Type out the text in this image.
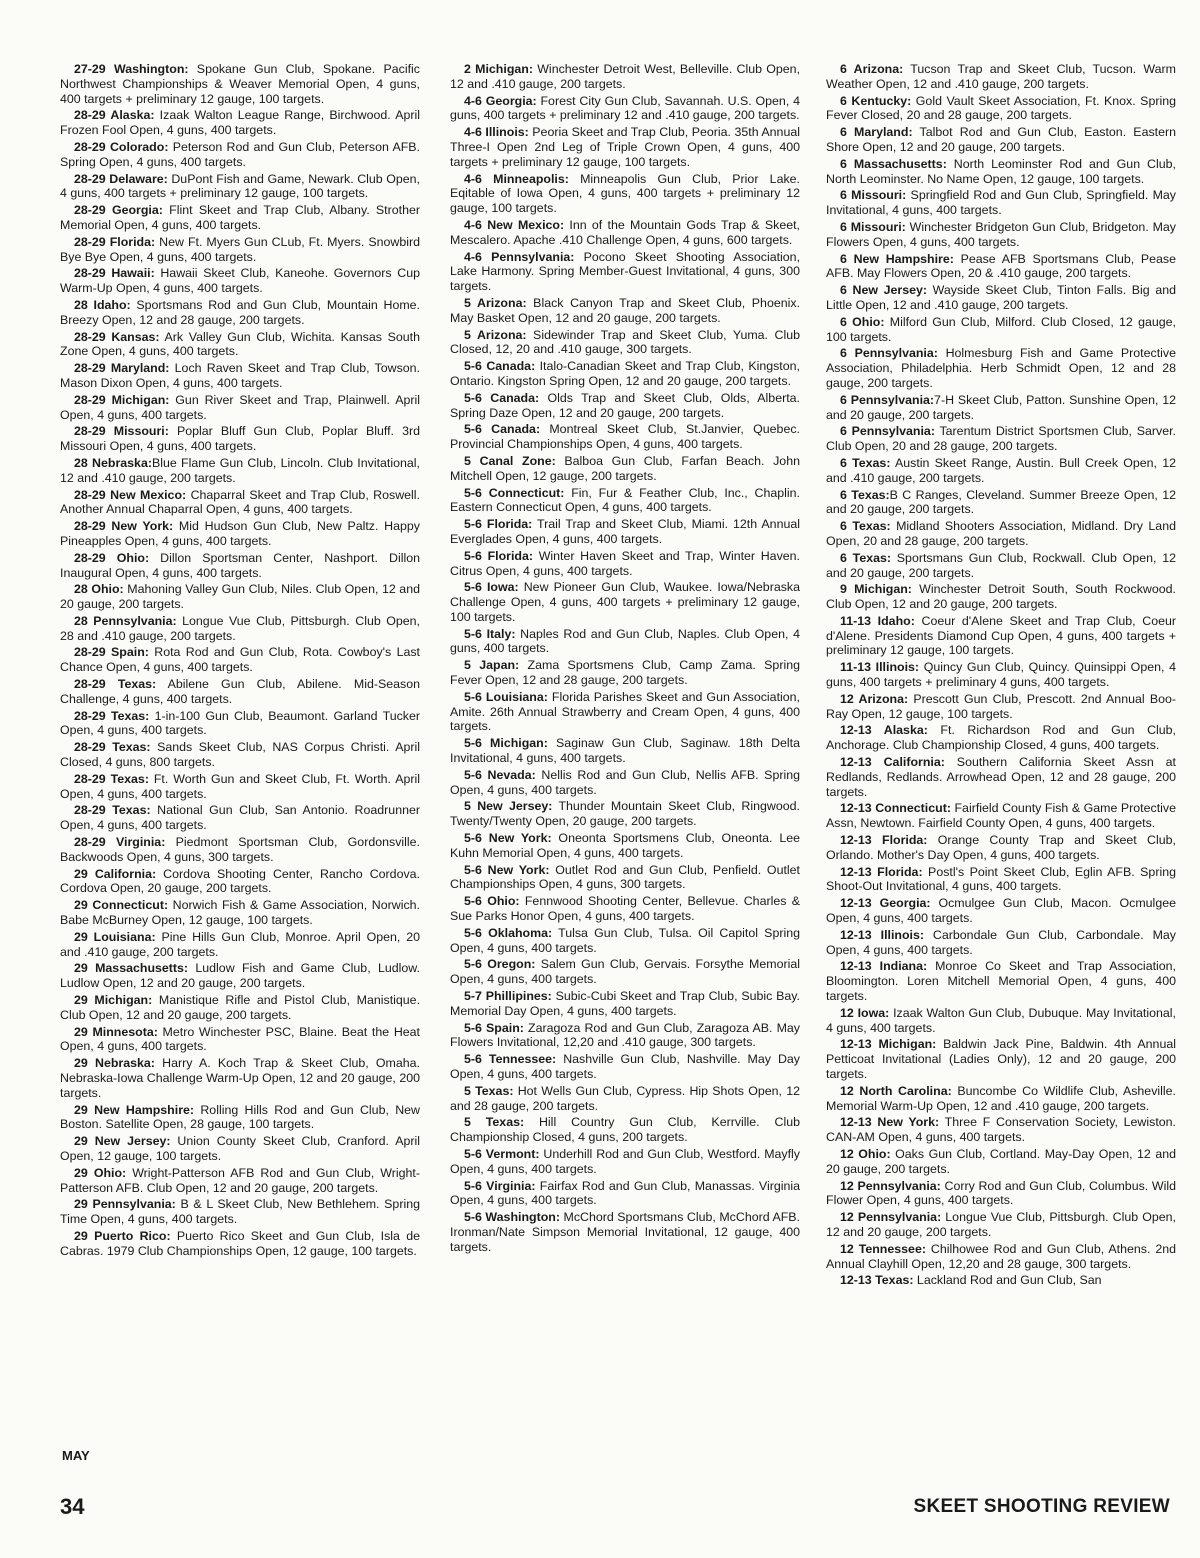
27-29 Washington: Spokane Gun Club, Spokane. Pacific Northwest Championships & Weaver Memorial Open, 4 guns, 400 targets + preliminary 12 gauge, 100 targets.

28-29 Alaska: Izaak Walton League Range, Birchwood. April Frozen Fool Open, 4 guns, 400 targets.

28-29 Colorado: Peterson Rod and Gun Club, Peterson AFB. Spring Open, 4 guns, 400 targets.

28-29 Delaware: DuPont Fish and Game, Newark. Club Open, 4 guns, 400 targets + preliminary 12 gauge, 100 targets.

28-29 Georgia: Flint Skeet and Trap Club, Albany. Strother Memorial Open, 4 guns, 400 targets.

28-29 Florida: New Ft. Myers Gun CLub, Ft. Myers. Snowbird Bye Bye Open, 4 guns, 400 targets.

28-29 Hawaii: Hawaii Skeet Club, Kaneohe. Governors Cup Warm-Up Open, 4 guns, 400 targets.

28 Idaho: Sportsmans Rod and Gun Club, Mountain Home. Breezy Open, 12 and 28 gauge, 200 targets.

28-29 Kansas: Ark Valley Gun Club, Wichita. Kansas South Zone Open, 4 guns, 400 targets.

28-29 Maryland: Loch Raven Skeet and Trap Club, Towson. Mason Dixon Open, 4 guns, 400 targets.

28-29 Michigan: Gun River Skeet and Trap, Plainwell. April Open, 4 guns, 400 targets.

28-29 Missouri: Poplar Bluff Gun Club, Poplar Bluff. 3rd Missouri Open, 4 guns, 400 targets.

28 Nebraska:Blue Flame Gun Club, Lincoln. Club Invitational, 12 and .410 gauge, 200 targets.

28-29 New Mexico: Chaparral Skeet and Trap Club, Roswell. Another Annual Chaparral Open, 4 guns, 400 targets.

28-29 New York: Mid Hudson Gun Club, New Paltz. Happy Pineapples Open, 4 guns, 400 targets.

28-29 Ohio: Dillon Sportsman Center, Nashport. Dillon Inaugural Open, 4 guns, 400 targets.

28 Ohio: Mahoning Valley Gun Club, Niles. Club Open, 12 and 20 gauge, 200 targets.

28 Pennsylvania: Longue Vue Club, Pittsburgh. Club Open, 28 and .410 gauge, 200 targets.

28-29 Spain: Rota Rod and Gun Club, Rota. Cowboy's Last Chance Open, 4 guns, 400 targets.

28-29 Texas: Abilene Gun Club, Abilene. Mid-Season Challenge, 4 guns, 400 targets.

28-29 Texas: 1-in-100 Gun Club, Beaumont. Garland Tucker Open, 4 guns, 400 targets.

28-29 Texas: Sands Skeet Club, NAS Corpus Christi. April Closed, 4 guns, 800 targets.

28-29 Texas: Ft. Worth Gun and Skeet Club, Ft. Worth. April Open, 4 guns, 400 targets.

28-29 Texas: National Gun Club, San Antonio. Roadrunner Open, 4 guns, 400 targets.

28-29 Virginia: Piedmont Sportsman Club, Gordonsville. Backwoods Open, 4 guns, 300 targets.

29 California: Cordova Shooting Center, Rancho Cordova. Cordova Open, 20 gauge, 200 targets.

29 Connecticut: Norwich Fish & Game Association, Norwich. Babe McBurney Open, 12 gauge, 100 targets.

29 Louisiana: Pine Hills Gun Club, Monroe. April Open, 20 and .410 gauge, 200 targets.

29 Massachusetts: Ludlow Fish and Game Club, Ludlow. Ludlow Open, 12 and 20 gauge, 200 targets.

29 Michigan: Manistique Rifle and Pistol Club, Manistique. Club Open, 12 and 20 gauge, 200 targets.

29 Minnesota: Metro Winchester PSC, Blaine. Beat the Heat Open, 4 guns, 400 targets.

29 Nebraska: Harry A. Koch Trap & Skeet Club, Omaha. Nebraska-Iowa Challenge Warm-Up Open, 12 and 20 gauge, 200 targets.

29 New Hampshire: Rolling Hills Rod and Gun Club, New Boston. Satellite Open, 28 gauge, 100 targets.

29 New Jersey: Union County Skeet Club, Cranford. April Open, 12 gauge, 100 targets.

29 Ohio: Wright-Patterson AFB Rod and Gun Club, Wright-Patterson AFB. Club Open, 12 and 20 gauge, 200 targets.

29 Pennsylvania: B & L Skeet Club, New Bethlehem. Spring Time Open, 4 guns, 400 targets.

29 Puerto Rico: Puerto Rico Skeet and Gun Club, Isla de Cabras. 1979 Club Championships Open, 12 gauge, 100 targets.

2 Michigan: Winchester Detroit West, Belleville. Club Open, 12 and .410 gauge, 200 targets.

4-6 Georgia: Forest City Gun Club, Savannah. U.S. Open, 4 guns, 400 targets + preliminary 12 and .410 gauge, 200 targets.

4-6 Illinois: Peoria Skeet and Trap Club, Peoria. 35th Annual Three-I Open 2nd Leg of Triple Crown Open, 4 guns, 400 targets + preliminary 12 gauge, 100 targets.

4-6 Minneapolis: Minneapolis Gun Club, Prior Lake. Eqitable of Iowa Open, 4 guns, 400 targets + preliminary 12 gauge, 100 targets.

4-6 New Mexico: Inn of the Mountain Gods Trap & Skeet, Mescalero. Apache .410 Challenge Open, 4 guns, 600 targets.

4-6 Pennsylvania: Pocono Skeet Shooting Association, Lake Harmony. Spring Member-Guest Invitational, 4 guns, 300 targets.

5 Arizona: Black Canyon Trap and Skeet Club, Phoenix. May Basket Open, 12 and 20 gauge, 200 targets.

5 Arizona: Sidewinder Trap and Skeet Club, Yuma. Club Closed, 12, 20 and .410 gauge, 300 targets.

5-6 Canada: Italo-Canadian Skeet and Trap Club, Kingston, Ontario. Kingston Spring Open, 12 and 20 gauge, 200 targets.

5-6 Canada: Olds Trap and Skeet Club, Olds, Alberta. Spring Daze Open, 12 and 20 gauge, 200 targets.

5-6 Canada: Montreal Skeet Club, St.Janvier, Quebec. Provincial Championships Open, 4 guns, 400 targets.

5 Canal Zone: Balboa Gun Club, Farfan Beach. John Mitchell Open, 12 gauge, 200 targets.

5-6 Connecticut: Fin, Fur & Feather Club, Inc., Chaplin. Eastern Connecticut Open, 4 guns, 400 targets.

5-6 Florida: Trail Trap and Skeet Club, Miami. 12th Annual Everglades Open, 4 guns, 400 targets.

5-6 Florida: Winter Haven Skeet and Trap, Winter Haven. Citrus Open, 4 guns, 400 targets.

5-6 Iowa: New Pioneer Gun Club, Waukee. Iowa/Nebraska Challenge Open, 4 guns, 400 targets + preliminary 12 gauge, 100 targets.

5-6 Italy: Naples Rod and Gun Club, Naples. Club Open, 4 guns, 400 targets.

5 Japan: Zama Sportsmens Club, Camp Zama. Spring Fever Open, 12 and 28 gauge, 200 targets.

5-6 Louisiana: Florida Parishes Skeet and Gun Association, Amite. 26th Annual Strawberry and Cream Open, 4 guns, 400 targets.

5-6 Michigan: Saginaw Gun Club, Saginaw. 18th Delta Invitational, 4 guns, 400 targets.

5-6 Nevada: Nellis Rod and Gun Club, Nellis AFB. Spring Open, 4 guns, 400 targets.

5 New Jersey: Thunder Mountain Skeet Club, Ringwood. Twenty/Twenty Open, 20 gauge, 200 targets.

5-6 New York: Oneonta Sportsmens Club, Oneonta. Lee Kuhn Memorial Open, 4 guns, 400 targets.

5-6 New York: Outlet Rod and Gun Club, Penfield. Outlet Championships Open, 4 guns, 300 targets.

5-6 Ohio: Fennwood Shooting Center, Bellevue. Charles & Sue Parks Honor Open, 4 guns, 400 targets.

5-6 Oklahoma: Tulsa Gun Club, Tulsa. Oil Capitol Spring Open, 4 guns, 400 targets.

5-6 Oregon: Salem Gun Club, Gervais. Forsythe Memorial Open, 4 guns, 400 targets.

5-7 Phillipines: Subic-Cubi Skeet and Trap Club, Subic Bay. Memorial Day Open, 4 guns, 400 targets.

5-6 Spain: Zaragoza Rod and Gun Club, Zaragoza AB. May Flowers Invitational, 12,20 and .410 gauge, 300 targets.

5-6 Tennessee: Nashville Gun Club, Nashville. May Day Open, 4 guns, 400 targets.

5 Texas: Hot Wells Gun Club, Cypress. Hip Shots Open, 12 and 28 gauge, 200 targets.

5 Texas: Hill Country Gun Club, Kerrville. Club Championship Closed, 4 guns, 200 targets.

5-6 Vermont: Underhill Rod and Gun Club, Westford. Mayfly Open, 4 guns, 400 targets.

5-6 Virginia: Fairfax Rod and Gun Club, Manassas. Virginia Open, 4 guns, 400 targets.

5-6 Washington: McChord Sportsmans Club, McChord AFB. Ironman/Nate Simpson Memorial Invitational, 12 gauge, 400 targets.

6 Arizona: Tucson Trap and Skeet Club, Tucson. Warm Weather Open, 12 and .410 gauge, 200 targets.

6 Kentucky: Gold Vault Skeet Association, Ft. Knox. Spring Fever Closed, 20 and 28 gauge, 200 targets.

6 Maryland: Talbot Rod and Gun Club, Easton. Eastern Shore Open, 12 and 20 gauge, 200 targets.

6 Massachusetts: North Leominster Rod and Gun Club, North Leominster. No Name Open, 12 gauge, 100 targets.

6 Missouri: Springfield Rod and Gun Club, Springfield. May Invitational, 4 guns, 400 targets.

6 Missouri: Winchester Bridgeton Gun Club, Bridgeton. May Flowers Open, 4 guns, 400 targets.

6 New Hampshire: Pease AFB Sportsmans Club, Pease AFB. May Flowers Open, 20 & .410 gauge, 200 targets.

6 New Jersey: Wayside Skeet Club, Tinton Falls. Big and Little Open, 12 and .410 gauge, 200 targets.

6 Ohio: Milford Gun Club, Milford. Club Closed, 12 gauge, 100 targets.

6 Pennsylvania: Holmesburg Fish and Game Protective Association, Philadelphia. Herb Schmidt Open, 12 and 28 gauge, 200 targets.

6 Pennsylvania:7-H Skeet Club, Patton. Sunshine Open, 12 and 20 gauge, 200 targets.

6 Pennsylvania: Tarentum District Sportsmen Club, Sarver. Club Open, 20 and 28 gauge, 200 targets.

6 Texas: Austin Skeet Range, Austin. Bull Creek Open, 12 and .410 gauge, 200 targets.

6 Texas:B C Ranges, Cleveland. Summer Breeze Open, 12 and 20 gauge, 200 targets.

6 Texas: Midland Shooters Association, Midland. Dry Land Open, 20 and 28 gauge, 200 targets.

6 Texas: Sportsmans Gun Club, Rockwall. Club Open, 12 and 20 gauge, 200 targets.

9 Michigan: Winchester Detroit South, South Rockwood. Club Open, 12 and 20 gauge, 200 targets.

11-13 Idaho: Coeur d'Alene Skeet and Trap Club, Coeur d'Alene. Presidents Diamond Cup Open, 4 guns, 400 targets + preliminary 12 gauge, 100 targets.

11-13 Illinois: Quincy Gun Club, Quincy. Quinsippi Open, 4 guns, 400 targets + preliminary 4 guns, 400 targets.

12 Arizona: Prescott Gun Club, Prescott. 2nd Annual Boo-Ray Open, 12 gauge, 100 targets.

12-13 Alaska: Ft. Richardson Rod and Gun Club, Anchorage. Club Championship Closed, 4 guns, 400 targets.

12-13 California: Southern California Skeet Assn at Redlands, Redlands. Arrowhead Open, 12 and 28 gauge, 200 targets.

12-13 Connecticut: Fairfield County Fish & Game Protective Assn, Newtown. Fairfield County Open, 4 guns, 400 targets.

12-13 Florida: Orange County Trap and Skeet Club, Orlando. Mother's Day Open, 4 guns, 400 targets.

12-13 Florida: Postl's Point Skeet Club, Eglin AFB. Spring Shoot-Out Invitational, 4 guns, 400 targets.

12-13 Georgia: Ocmulgee Gun Club, Macon. Ocmulgee Open, 4 guns, 400 targets.

12-13 Illinois: Carbondale Gun Club, Carbondale. May Open, 4 guns, 400 targets.

12-13 Indiana: Monroe Co Skeet and Trap Association, Bloomington. Loren Mitchell Memorial Open, 4 guns, 400 targets.

12 Iowa: Izaak Walton Gun Club, Dubuque. May Invitational, 4 guns, 400 targets.

12-13 Michigan: Baldwin Jack Pine, Baldwin. 4th Annual Petticoat Invitational (Ladies Only), 12 and 20 gauge, 200 targets.

12 North Carolina: Buncombe Co Wildlife Club, Asheville. Memorial Warm-Up Open, 12 and .410 gauge, 200 targets.

12-13 New York: Three F Conservation Society, Lewiston. CAN-AM Open, 4 guns, 400 targets.

12 Ohio: Oaks Gun Club, Cortland. May-Day Open, 12 and 20 gauge, 200 targets.

12 Pennsylvania: Corry Rod and Gun Club, Columbus. Wild Flower Open, 4 guns, 400 targets.

12 Pennsylvania: Longue Vue Club, Pittsburgh. Club Open, 12 and 20 gauge, 200 targets.

12 Tennessee: Chilhowee Rod and Gun Club, Athens. 2nd Annual Clayhill Open, 12,20 and 28 gauge, 300 targets.

12-13 Texas: Lackland Rod and Gun Club, San

MAY
34	SKEET SHOOTING REVIEW
